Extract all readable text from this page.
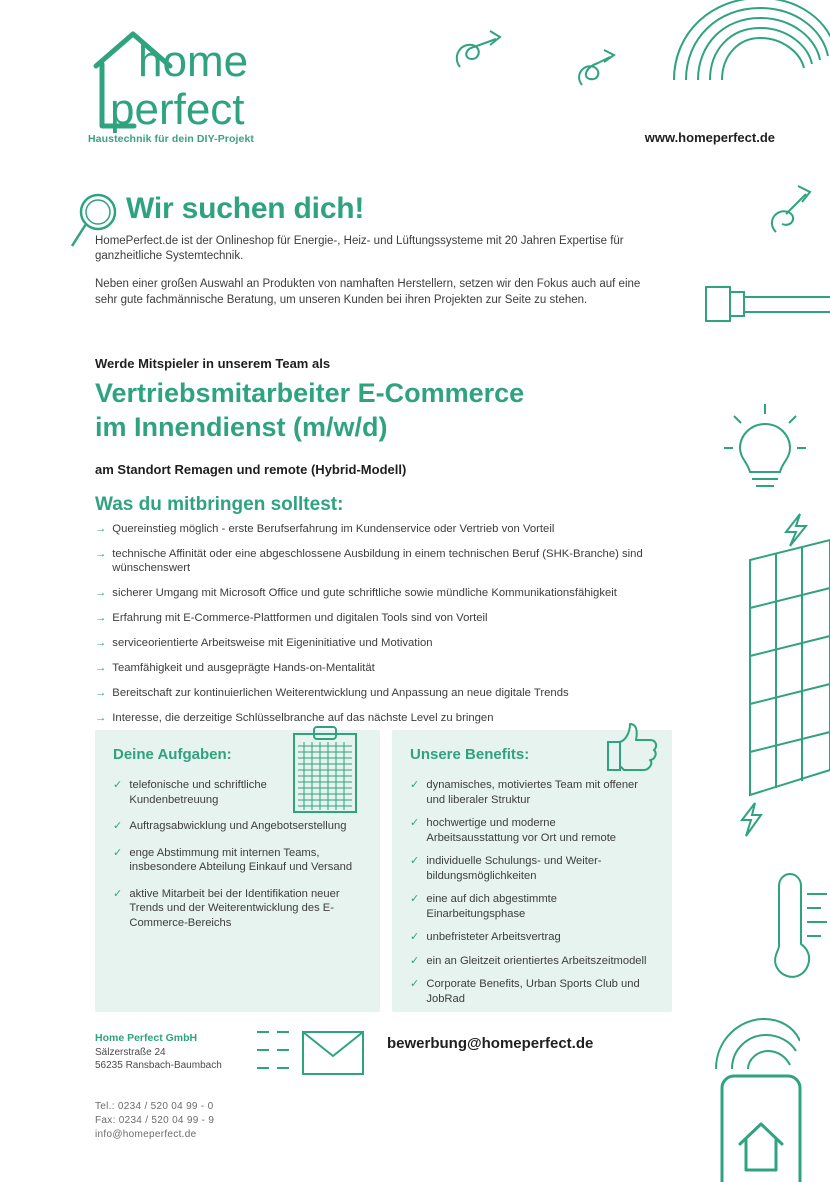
home
perfect
Haustechnik für dein DIY-Projekt	www.homeperfect.de
Wir suchen dich!
HomePerfect.de ist der Onlineshop für Energie-, Heiz- und Lüftungssysteme mit 20 Jahren Expertise für ganzheitliche Systemtechnik.
Neben einer großen Auswahl an Produkten von namhaften Herstellern, setzen wir den Fokus auch auf eine sehr gute fachmännische Beratung, um unseren Kunden bei ihren Projekten zur Seite zu stehen.
Werde Mitspieler in unserem Team als
Vertriebsmitarbeiter E-Commerce
im Innendienst (m/w/d)
am Standort Remagen und remote (Hybrid-Modell)
Was du mitbringen solltest:
→ Quereinstieg möglich - erste Berufserfahrung im Kundenservice oder Vertrieb von Vorteil
→ technische Affinität oder eine abgeschlossene Ausbildung in einem technischen Beruf (SHK-Branche) sind wünschenswert
→ sicherer Umgang mit Microsoft Office und gute schriftliche sowie mündliche Kommunikationsfähigkeit
→ Erfahrung mit E-Commerce-Plattformen und digitalen Tools sind von Vorteil
→ serviceorientierte Arbeitsweise mit Eigeninitiative und Motivation
→ Teamfähigkeit und ausgeprägte Hands-on-Mentalität
→ Bereitschaft zur kontinuierlichen Weiterentwicklung und Anpassung an neue digitale Trends
→ Interesse, die derzeitige Schlüsselbranche auf das nächste Level zu bringen
Deine Aufgaben:
✓ telefonische und schriftliche Kundenbetreuung
✓ Auftragsabwicklung und Angebotserstellung
✓ enge Abstimmung mit internen Teams, insbesondere Abteilung Einkauf und Versand
✓ aktive Mitarbeit bei der Identifikation neuer Trends und der Weiterentwicklung des E-Commerce-Bereichs
Unsere Benefits:
✓ dynamisches, motiviertes Team mit offener und liberaler Struktur
✓ hochwertige und moderne Arbeitsausstattung vor Ort und remote
✓ individuelle Schulungs- und Weiter-bildungsmöglichkeiten
✓ eine auf dich abgestimmte Einarbeitungsphase
✓ unbefristeter Arbeitsvertrag
✓ ein an Gleitzeit orientiertes Arbeitszeitmodell
✓ Corporate Benefits, Urban Sports Club und JobRad
Home Perfect GmbH
Sälzerstraße 24
56235 Ransbach-Baumbach
Tel.: 0234 / 520 04 99 - 0
Fax: 0234 / 520 04 99 - 9
info@homeperfect.de
bewerbung@homeperfect.de
